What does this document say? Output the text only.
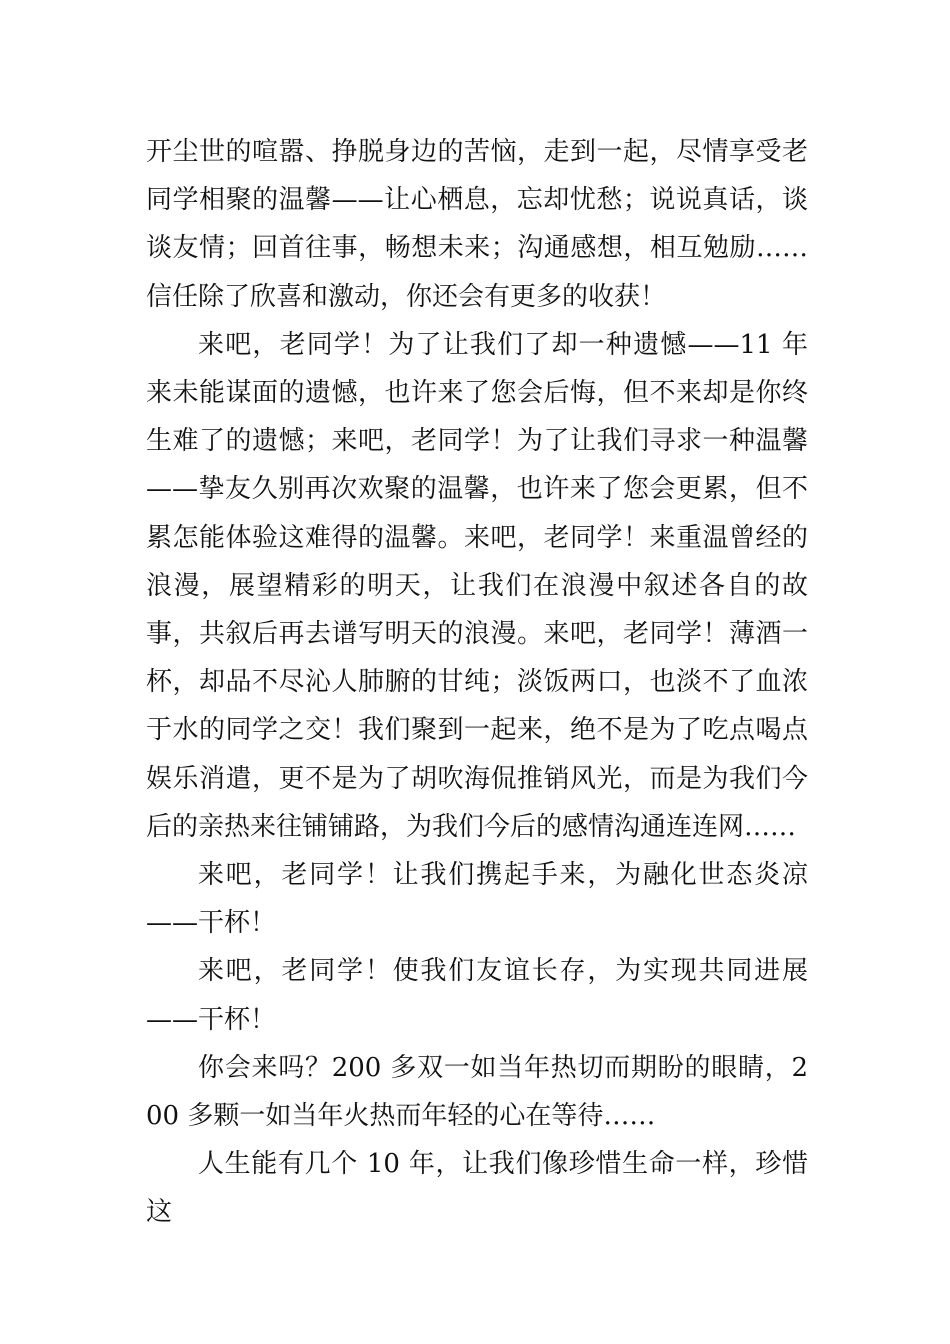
开尘世的喧嚣、挣脱身边的苦恼，走到一起，尽情享受老同学相聚的温馨——让心栖息，忘却忧愁；说说真话，谈谈友情；回首往事，畅想未来；沟通感想，相互勉励……信任除了欣喜和激动，你还会有更多的收获！

来吧，老同学！为了让我们了却一种遗憾——11 年来未能谋面的遗憾，也许来了您会后悔，但不来却是你终生难了的遗憾；来吧，老同学！为了让我们寻求一种温馨——挚友久别再次欢聚的温馨，也许来了您会更累，但不累怎能体验这难得的温馨。来吧，老同学！来重温曾经的浪漫，展望精彩的明天，让我们在浪漫中叙述各自的故事，共叙后再去谱写明天的浪漫。来吧，老同学！薄酒一杯，却品不尽沁人肺腑的甘纯；淡饭两口，也淡不了血浓于水的同学之交！我们聚到一起来，绝不是为了吃点喝点娱乐消遣，更不是为了胡吹海侃推销风光，而是为我们今后的亲热来往铺铺路，为我们今后的感情沟通连连网……

来吧，老同学！让我们携起手来，为融化世态炎凉——干杯！

来吧，老同学！使我们友谊长存，为实现共同进展——干杯！

你会来吗？200 多双一如当年热切而期盼的眼睛，200 多颗一如当年火热而年轻的心在等待……

人生能有几个 10 年，让我们像珍惜生命一样，珍惜这
